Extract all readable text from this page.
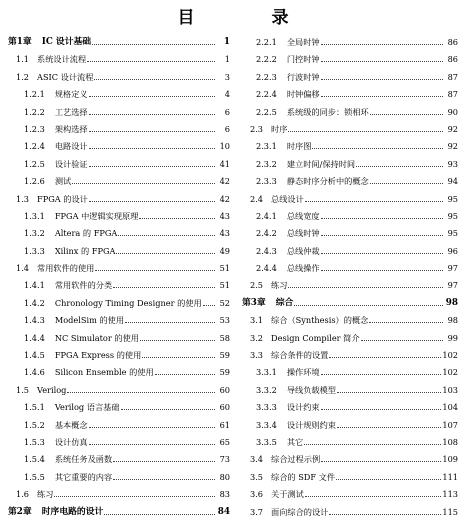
目　录
第1章	IC 设计基础	1
1.1 系统设计流程	1
1.2 ASIC 设计流程	3
1.2.1	规格定义	4
1.2.2	工艺选择	6
1.2.3	架构选择	6
1.2.4	电路设计	10
1.2.5	设计验证	41
1.2.6	测试	42
1.3 FPGA 的设计	42
1.3.1	FPGA 中逻辑实现原理	43
1.3.2	Altera 的 FPGA	43
1.3.3	Xilinx 的 FPGA	49
1.4 常用软件的使用	51
1.4.1	常用软件的分类	51
1.4.2	Chronology Timing Designer 的使用	52
1.4.3	ModelSim 的使用	53
1.4.4	NC Simulator 的使用	58
1.4.5	FPGA Express 的使用	59
1.4.6	Silicon Ensemble 的使用	59
1.5 Verilog	60
1.5.1	Verilog 语言基础	60
1.5.2	基本概念	61
1.5.3	设计仿真	65
1.5.4	系统任务及函数	73
1.5.5	其它重要的内容	80
1.6 练习	83
第2章	时序电路的设计	84
2.2.1	全局时钟	86
2.2.2	门控时钟	86
2.2.3	行波时钟	87
2.2.4	时钟偏移	87
2.2.5	系统级的同步：锁相环	90
2.3 时序	92
2.3.1	时序图	92
2.3.2	建立时间/保持时间	93
2.3.3	静态时序分析中的概念	94
2.4 总线设计	95
2.4.1	总线宽度	95
2.4.2	总线时钟	95
2.4.3	总线仲裁	96
2.4.4	总线操作	97
2.5 练习	97
第3章	综合	98
3.1 综合（Synthesis）的概念	98
3.2 Design Compiler 简介	99
3.3 综合条件的设置	102
3.3.1	操作环境	102
3.3.2	导线负载模型	103
3.3.3	设计约束	104
3.3.4	设计规则约束	107
3.3.5	其它	108
3.4 综合过程示例	109
3.5 综合的 SDF 文件	111
3.6 关于测试	113
3.7 面向综合的设计	115
